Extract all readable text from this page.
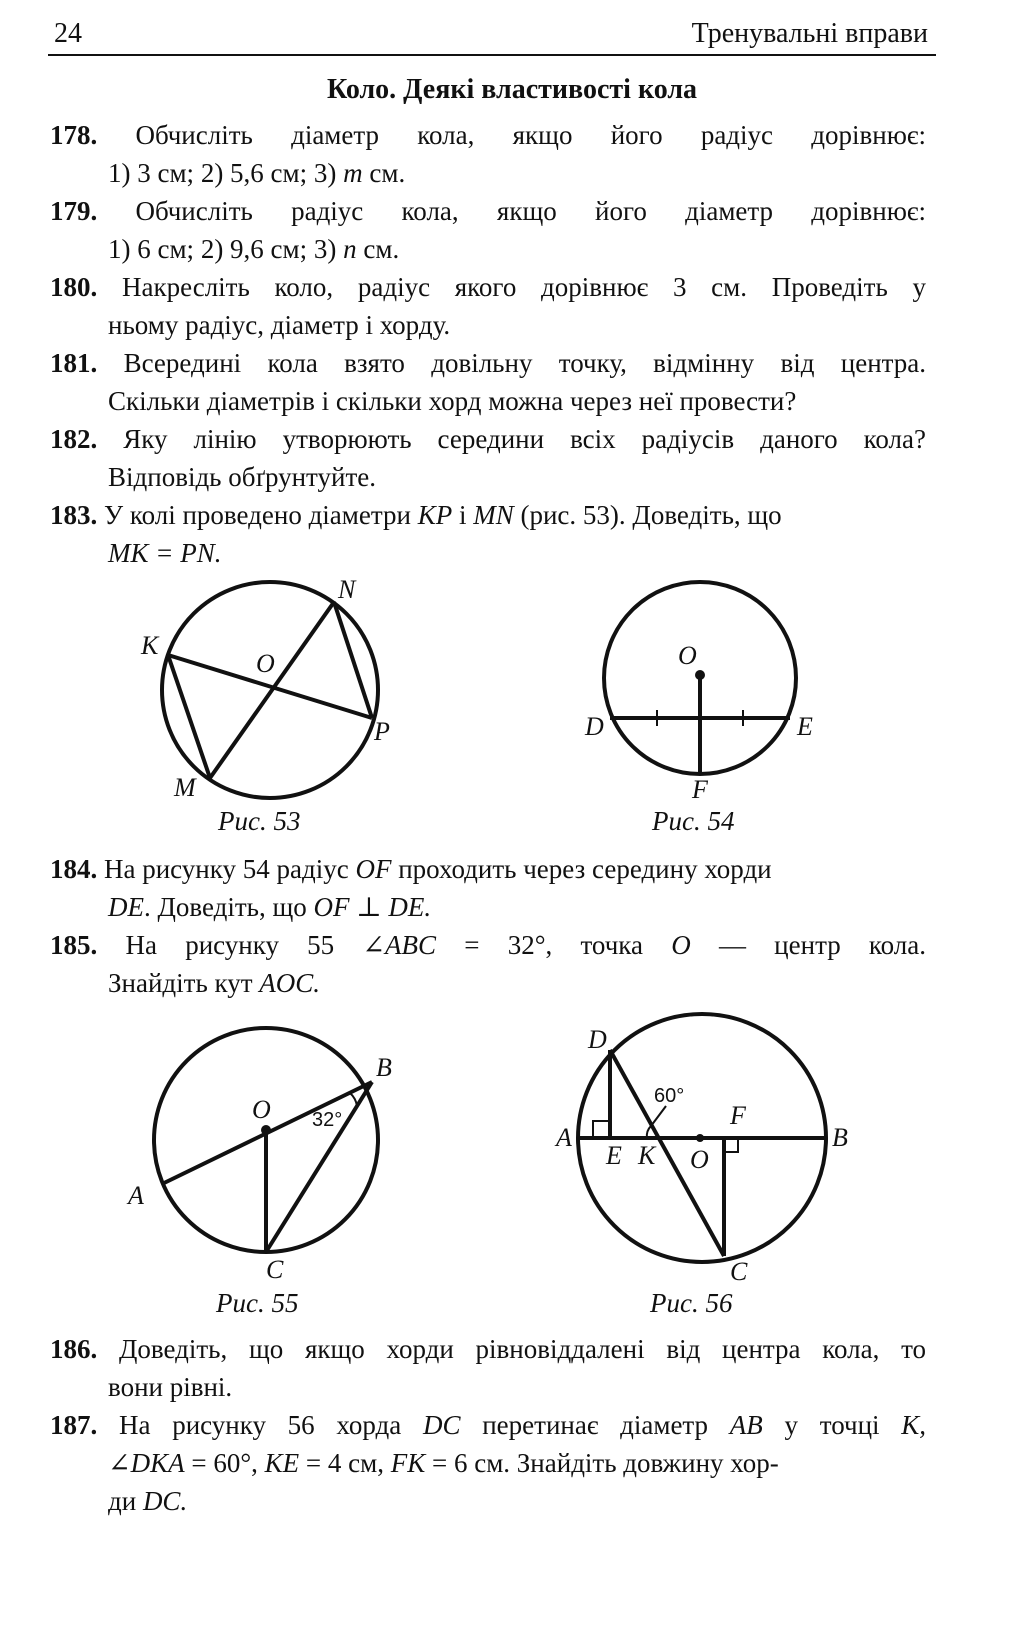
24	Тренувальні вправи
Коло. Деякі властивості кола
178. Обчисліть діаметр кола, якщо його радіус дорівнює:
1) 3 см; 2) 5,6 см; 3) m см.
179. Обчисліть радіус кола, якщо його діаметр дорівнює:
1) 6 см; 2) 9,6 см; 3) n см.
180. Накресліть коло, радіус якого дорівнює 3 см. Проведіть у
ньому радіус, діаметр і хорду.
181. Всередині кола взято довільну точку, відмінну від центра.
Скільки діаметрів і скільки хорд можна через неї провести?
182. Яку лінію утворюють середини всіх радіусів даного кола?
Відповідь обґрунтуйте.
183. У колі проведено діаметри KP і MN (рис. 53). Доведіть, що
MK = PN.
184. На рисунку 54 радіус OF проходить через середину хорди
DE. Доведіть, що OF ⊥ DE.
185. На рисунку 55 ∠ABC = 32°, точка O — центр кола.
Знайдіть кут AOC.
186. Доведіть, що якщо хорди рівновіддалені від центра кола, то
вони рівні.
187. На рисунку 56 хорда DC перетинає діаметр AB у точці K,
∠DKA = 60°, KE = 4 см, FK = 6 см. Знайдіть довжину хор-
ди DC.
K
N
O
P
M
Рис. 53
O
D	E
F
Рис. 54
O
B
A
C
32°
Рис. 55
D
A
E K O
F
B
C
60°
Рис. 56
